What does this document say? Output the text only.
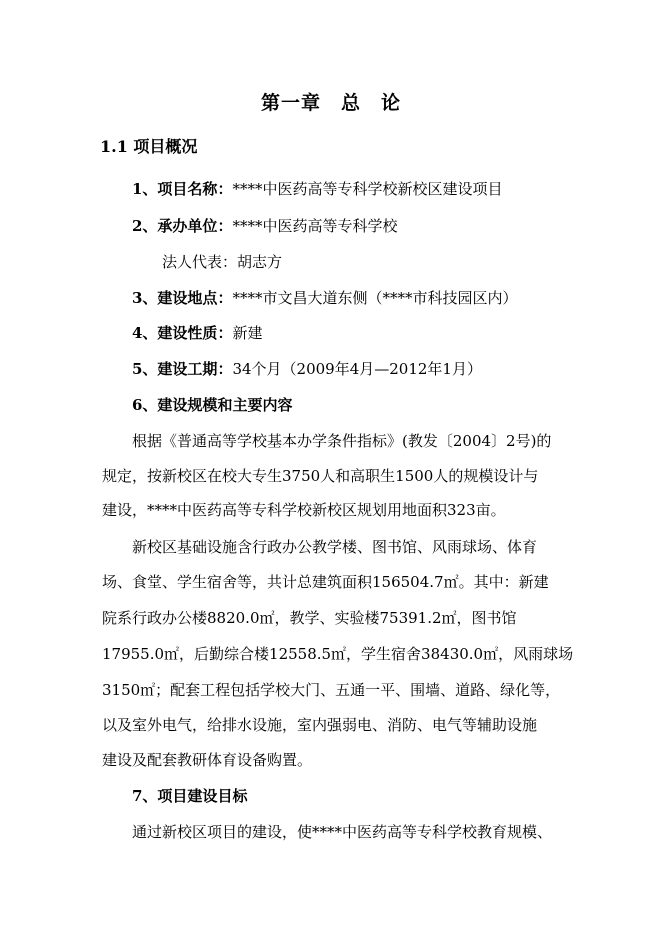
第一章　总　论
1.1 项目概况
1、项目名称：****中医药高等专科学校新校区建设项目
2、承办单位：****中医药高等专科学校
法人代表：胡志方
3、建设地点：****市文昌大道东侧（****市科技园区内）
4、建设性质：新建
5、建设工期：34个月（2009年4月—2012年1月）
6、建设规模和主要内容
根据《普通高等学校基本办学条件指标》(教发〔2004〕2号)的
规定，按新校区在校大专生3750人和高职生1500人的规模设计与
建设，****中医药高等专科学校新校区规划用地面积323亩。
新校区基础设施含行政办公教学楼、图书馆、风雨球场、体育
场、食堂、学生宿舍等，共计总建筑面积156504.7㎡。其中：新建
院系行政办公楼8820.0㎡，教学、实验楼75391.2㎡，图书馆
17955.0㎡，后勤综合楼12558.5㎡，学生宿舍38430.0㎡，风雨球场
3150㎡；配套工程包括学校大门、五通一平、围墙、道路、绿化等，
以及室外电气，给排水设施，室内强弱电、消防、电气等辅助设施
建设及配套教研体育设备购置。
7、项目建设目标
通过新校区项目的建设，使****中医药高等专科学校教育规模、
